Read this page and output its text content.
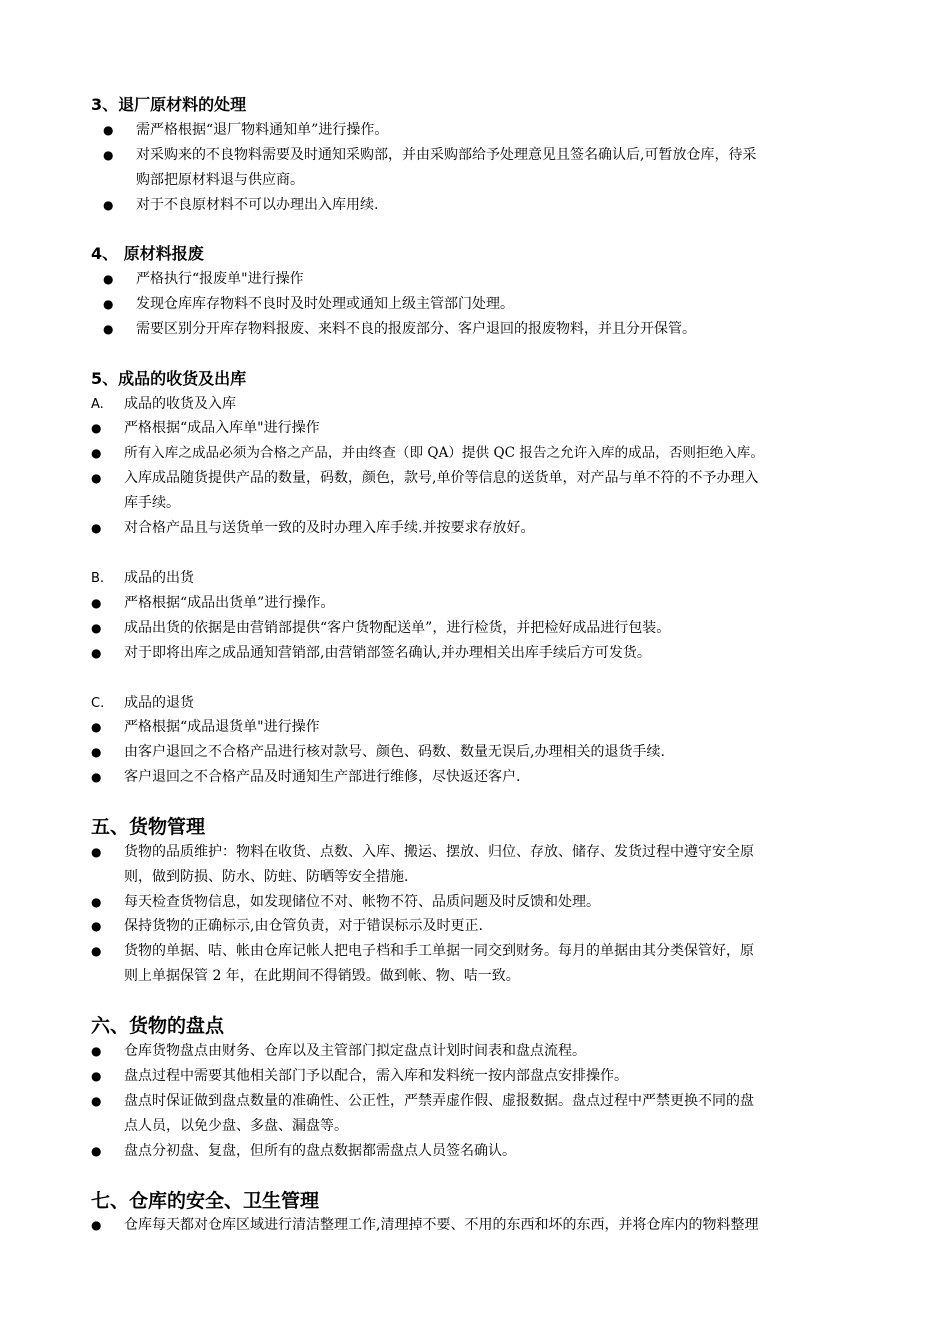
3、退厂原材料的处理
● 需严格根据“退厂物料通知单”进行操作。
● 对采购来的不良物料需要及时通知采购部，并由采购部给予处理意见且签名确认后,可暂放仓库，待采
购部把原材料退与供应商。
● 对于不良原材料不可以办理出入库用续.
4、 原材料报废
● 严格执行“报废单"进行操作
● 发现仓库库存物料不良时及时处理或通知上级主管部门处理。
● 需要区别分开库存物料报废、来料不良的报废部分、客户退回的报废物料，并且分开保管。
5、成品的收货及出库
A. 成品的收货及入库
● 严格根据“成品入库单"进行操作
● 所有入库之成品必须为合格之产品，并由终查（即 QA）提供 QC 报告之允许入库的成品，否则拒绝入库。
● 入库成品随货提供产品的数量，码数，颜色，款号,单价等信息的送货单，对产品与单不符的不予办理入
库手续。
● 对合格产品且与送货单一致的及时办理入库手续.并按要求存放好。
B. 成品的出货
● 严格根据“成品出货单”进行操作。
● 成品出货的依据是由营销部提供“客户货物配送单”，进行检货，并把检好成品进行包装。
● 对于即将出库之成品通知营销部,由营销部签名确认,并办理相关出库手续后方可发货。
C. 成品的退货
● 严格根据“成品退货单"进行操作
● 由客户退回之不合格产品进行核对款号、颜色、码数、数量无误后,办理相关的退货手续.
● 客户退回之不合格产品及时通知生产部进行维修，尽快返还客户.
五、货物管理
● 货物的品质维护：物料在收货、点数、入库、搬运、摆放、归位、存放、储存、发货过程中遵守安全原
则，做到防损、防水、防蛀、防晒等安全措施.
● 每天检查货物信息，如发现储位不对、帐物不符、品质问题及时反馈和处理。
● 保持货物的正确标示,由仓管负责，对于错误标示及时更正.
● 货物的单据、咭、帐由仓库记帐人把电子档和手工单据一同交到财务。每月的单据由其分类保管好，原
则上单据保管 2 年，在此期间不得销毁。做到帐、物、咭一致。
六、货物的盘点
● 仓库货物盘点由财务、仓库以及主管部门拟定盘点计划时间表和盘点流程。
● 盘点过程中需要其他相关部门予以配合，需入库和发料统一按内部盘点安排操作。
● 盘点时保证做到盘点数量的准确性、公正性，严禁弄虚作假、虚报数据。盘点过程中严禁更换不同的盘
点人员，以免少盘、多盘、漏盘等。
● 盘点分初盘、复盘，但所有的盘点数据都需盘点人员签名确认。
七、仓库的安全、卫生管理
● 仓库每天都对仓库区域进行清洁整理工作,清理掉不要、不用的东西和坏的东西，并将仓库内的物料整理
